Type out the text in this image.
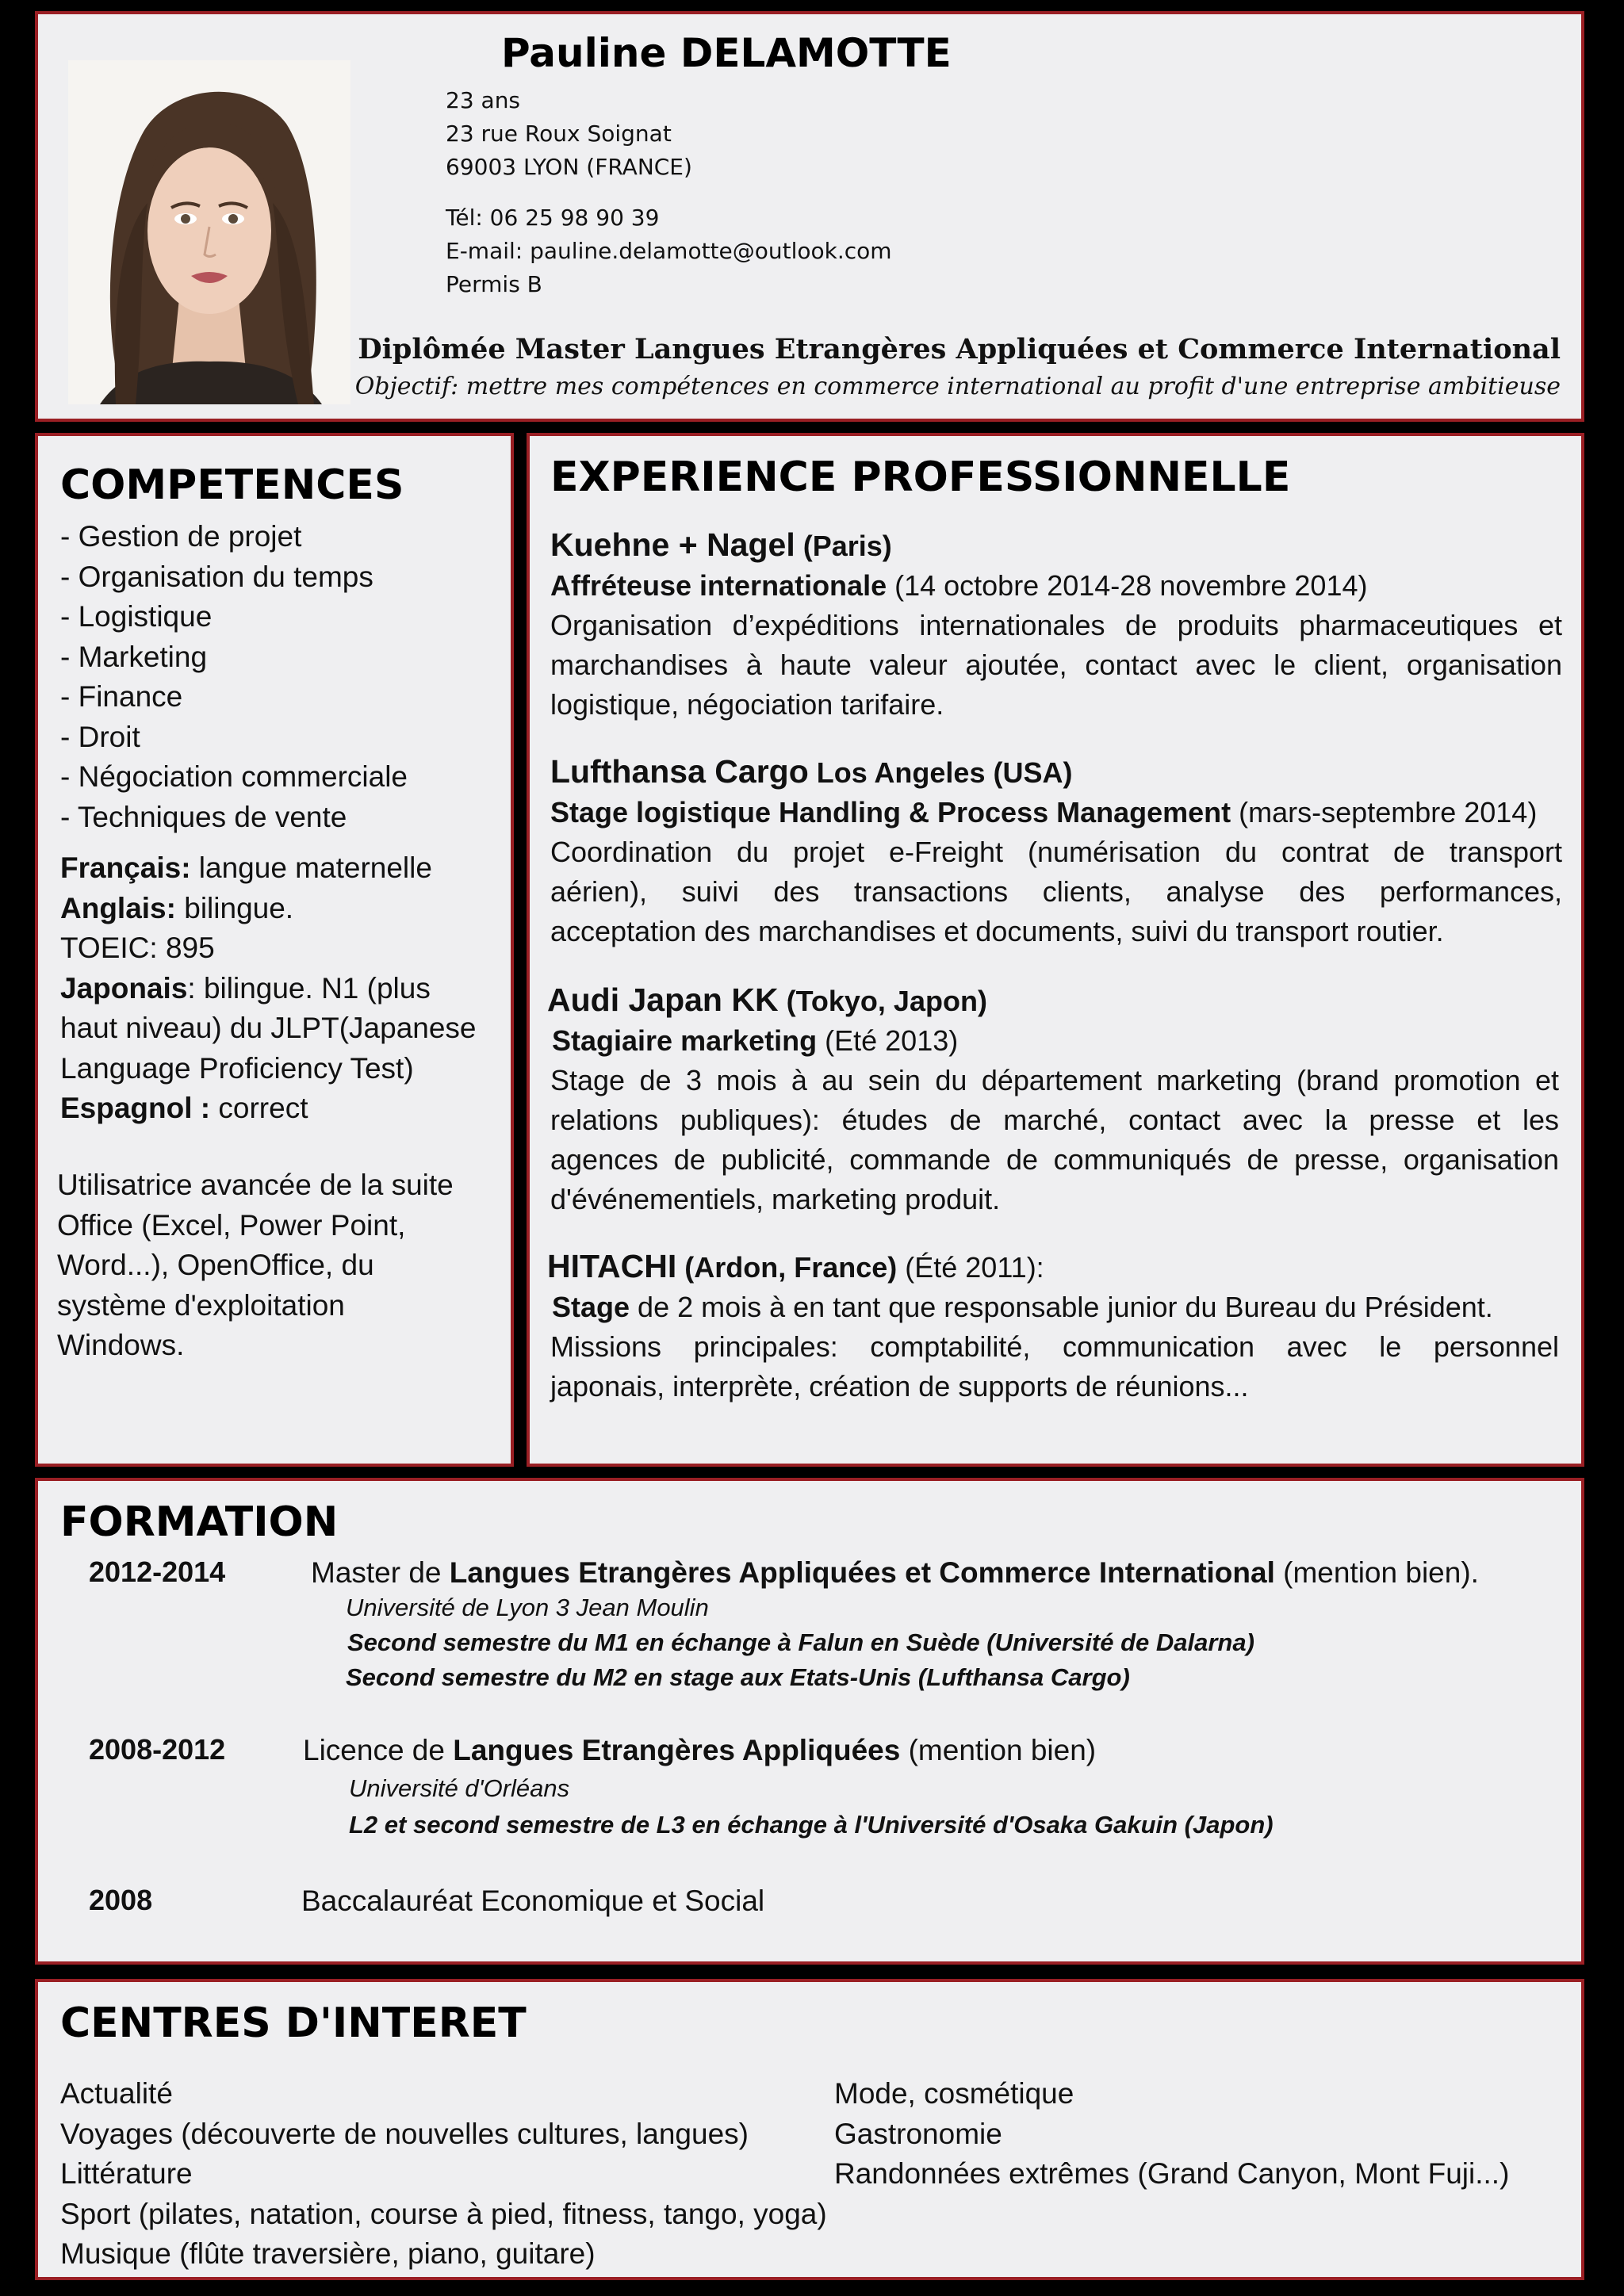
Pauline DELAMOTTE
23 ans
23 rue Roux Soignat
69003 LYON (FRANCE)
Tél: 06 25 98 90 39
E-mail: pauline.delamotte@outlook.com
Permis B
Diplômée Master Langues Etrangères Appliquées et Commerce International
Objectif: mettre mes compétences en commerce international au profit d'une entreprise ambitieuse
COMPETENCES
- Gestion de projet
- Organisation du temps
- Logistique
- Marketing
- Finance
- Droit
- Négociation commerciale
- Techniques de vente
Français: langue maternelle
Anglais: bilingue.
TOEIC: 895
Japonais: bilingue. N1 (plus
haut niveau) du JLPT(Japanese
Language Proficiency Test)
Espagnol : correct
Utilisatrice avancée de la suite
Office (Excel, Power Point,
Word...), OpenOffice, du
système d'exploitation
Windows.
EXPERIENCE PROFESSIONNELLE
Kuehne + Nagel (Paris)
Affréteuse internationale (14 octobre 2014-28 novembre 2014)
Organisation d’expéditions internationales de produits pharmaceutiques et
marchandises à haute valeur ajoutée, contact avec le client, organisation
logistique, négociation tarifaire.
Lufthansa Cargo Los Angeles (USA)
Stage logistique Handling & Process Management (mars-septembre 2014)
Coordination du projet e-Freight (numérisation du contrat de transport
aérien), suivi des transactions clients, analyse des performances,
acceptation des marchandises et documents, suivi du transport routier.
Audi Japan KK (Tokyo, Japon)
Stagiaire marketing (Eté 2013)
Stage de 3 mois à au sein du département marketing (brand promotion et
relations publiques): études de marché, contact avec la presse et les
agences de publicité, commande de communiqués de presse, organisation
d'événementiels, marketing produit.
HITACHI (Ardon, France) (Été 2011):
Stage de 2 mois à en tant que responsable junior du Bureau du Président.
Missions principales: comptabilité, communication avec le personnel
japonais, interprète, création de supports de réunions...
FORMATION
2012-2014	Master de Langues Etrangères Appliquées et Commerce International (mention bien).
Université de Lyon 3 Jean Moulin
Second semestre du M1 en échange à Falun en Suède (Université de Dalarna)
Second semestre du M2 en stage aux Etats-Unis (Lufthansa Cargo)
2008-2012	Licence de Langues Etrangères Appliquées (mention bien)
Université d'Orléans
L2 et second semestre de L3 en échange à l'Université d'Osaka Gakuin (Japon)
2008	Baccalauréat Economique et Social
CENTRES D'INTERET
Actualité
Voyages (découverte de nouvelles cultures, langues)
Littérature
Sport (pilates, natation, course à pied, fitness, tango, yoga)
Musique (flûte traversière, piano, guitare)
Mode, cosmétique
Gastronomie
Randonnées extrêmes (Grand Canyon, Mont Fuji...)
